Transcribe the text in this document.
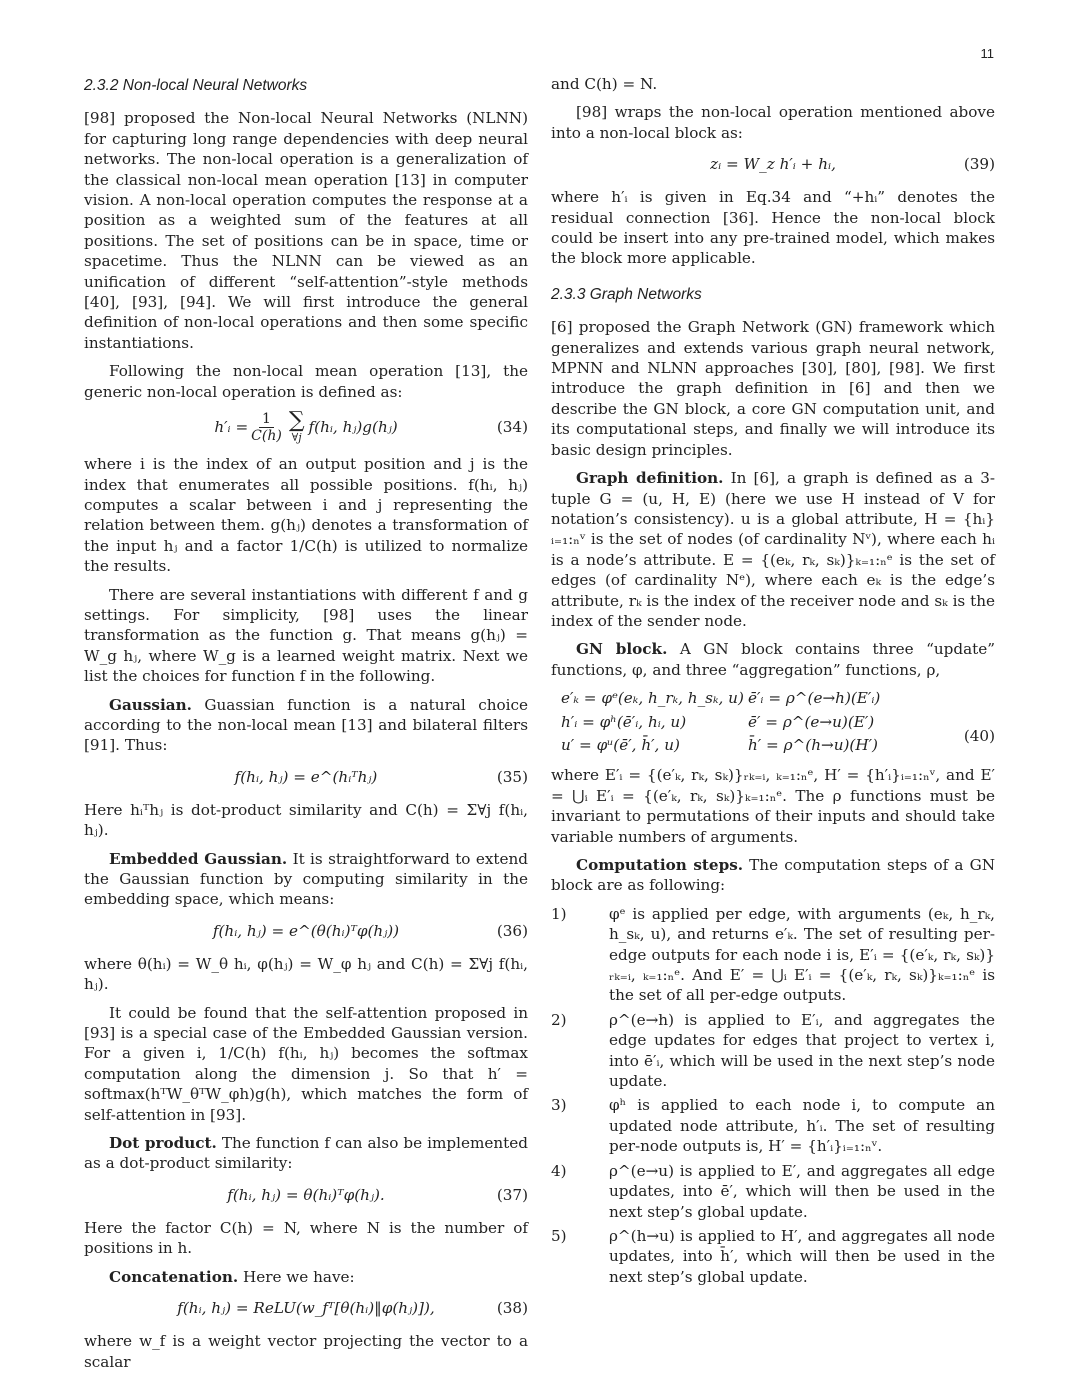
11
2.3.2 Non-local Neural Networks

[98] proposed the Non-local Neural Networks (NLNN) for capturing long range dependencies with deep neural networks. The non-local operation is a generalization of the classical non-local mean operation [13] in computer vision. A non-local operation computes the response at a position as a weighted sum of the features at all positions. The set of positions can be in space, time or spacetime. Thus the NLNN can be viewed as an unification of different “self-attention”-style methods [40], [93], [94]. We will first introduce the general definition of non-local operations and then some specific instantiations.

Following the non-local mean operation [13], the generic non-local operation is defined as:

h′ᵢ = $\frac{1}{C(h)}$ ∑
∀j
f(hᵢ, hⱼ)g(hⱼ)	(34)

where i is the index of an output position and j is the index that enumerates all possible positions. f(hᵢ, hⱼ) computes a scalar between i and j representing the relation between them. g(hⱼ) denotes a transformation of the input hⱼ and a factor 1/C(h) is utilized to normalize the results.

There are several instantiations with different f and g settings. For simplicity, [98] uses the linear transformation as the function g. That means g(hⱼ) = W_g hⱼ, where W_g is a learned weight matrix. Next we list the choices for function f in the following.

Gaussian. Guassian function is a natural choice according to the non-local mean [13] and bilateral filters [91]. Thus:

f(hᵢ, hⱼ) = e^(hᵢᵀhⱼ)	(35)

Here hᵢᵀhⱼ is dot-product similarity and C(h) = Σ∀j f(hᵢ, hⱼ).

Embedded Gaussian. It is straightforward to extend the Gaussian function by computing similarity in the embedding space, which means:

f(hᵢ, hⱼ) = e^(θ(hᵢ)ᵀφ(hⱼ))	(36)

where θ(hᵢ) = W_θ hᵢ, φ(hⱼ) = W_φ hⱼ and C(h) = Σ∀j f(hᵢ, hⱼ).

It could be found that the self-attention proposed in [93] is a special case of the Embedded Gaussian version. For a given i, 1/C(h) f(hᵢ, hⱼ) becomes the softmax computation along the dimension j. So that h′ = softmax(hᵀW_θᵀW_φh)g(h), which matches the form of self-attention in [93].

Dot product. The function f can also be implemented as a dot-product similarity:

f(hᵢ, hⱼ) = θ(hᵢ)ᵀφ(hⱼ).	(37)

Here the factor C(h) = N, where N is the number of positions in h.

Concatenation. Here we have:

f(hᵢ, hⱼ) = ReLU(w_fᵀ[θ(hᵢ)‖φ(hⱼ)]),	(38)

where w_f is a weight vector projecting the vector to a scalar

and C(h) = N.

[98] wraps the non-local operation mentioned above into a non-local block as:

zᵢ = W_z h′ᵢ + hᵢ,	(39)

where h′ᵢ is given in Eq.34 and “+hᵢ” denotes the residual connection [36]. Hence the non-local block could be insert into any pre-trained model, which makes the block more applicable.

2.3.3 Graph Networks

[6] proposed the Graph Network (GN) framework which generalizes and extends various graph neural network, MPNN and NLNN approaches [30], [80], [98]. We first introduce the graph definition in [6] and then we describe the GN block, a core GN computation unit, and its computational steps, and finally we will introduce its basic design principles.

Graph definition. In [6], a graph is defined as a 3-tuple G = (u, H, E) (here we use H instead of V for notation’s consistency). u is a global attribute, H = {hᵢ}ᵢ₌₁:ₙᵛ is the set of nodes (of cardinality Nᵛ), where each hᵢ is a node’s attribute. E = {(eₖ, rₖ, sₖ)}ₖ₌₁:ₙᵉ is the set of edges (of cardinality Nᵉ), where each eₖ is the edge’s attribute, rₖ is the index of the receiver node and sₖ is the index of the sender node.

GN block. A GN block contains three “update” functions, φ, and three “aggregation” functions, ρ,

e′ₖ = φᵉ(eₖ, h_rₖ, h_sₖ, u) ē′ᵢ = ρ^(e→h)(E′ᵢ)
h′ᵢ = φʰ(ē′ᵢ, hᵢ, u)	ē′ = ρ^(e→u)(E′)
u′ = φᵘ(ē′, h̄′, u)	h̄′ = ρ^(h→u)(H′)	(40)

where E′ᵢ = {(e′ₖ, rₖ, sₖ)}ᵣₖ₌ᵢ, ₖ₌₁:ₙᵉ, H′ = {h′ᵢ}ᵢ₌₁:ₙᵛ, and E′ = ⋃ᵢ E′ᵢ = {(e′ₖ, rₖ, sₖ)}ₖ₌₁:ₙᵉ. The ρ functions must be invariant to permutations of their inputs and should take variable numbers of arguments.

Computation steps. The computation steps of a GN block are as following:

1)	φᵉ is applied per edge, with arguments (eₖ, h_rₖ, h_sₖ, u), and returns e′ₖ. The set of resulting per-edge outputs for each node i is, E′ᵢ = {(e′ₖ, rₖ, sₖ)}ᵣₖ₌ᵢ, ₖ₌₁:ₙᵉ. And E′ = ⋃ᵢ E′ᵢ = {(e′ₖ, rₖ, sₖ)}ₖ₌₁:ₙᵉ is the set of all per-edge outputs.
2)	ρ^(e→h) is applied to E′ᵢ, and aggregates the edge updates for edges that project to vertex i, into ē′ᵢ, which will be used in the next step’s node update.
3)	φʰ is applied to each node i, to compute an updated node attribute, h′ᵢ. The set of resulting per-node outputs is, H′ = {h′ᵢ}ᵢ₌₁:ₙᵛ.
4)	ρ^(e→u) is applied to E′, and aggregates all edge updates, into ē′, which will then be used in the next step’s global update.
5)	ρ^(h→u) is applied to H′, and aggregates all node updates, into h̄′, which will then be used in the next step’s global update.
